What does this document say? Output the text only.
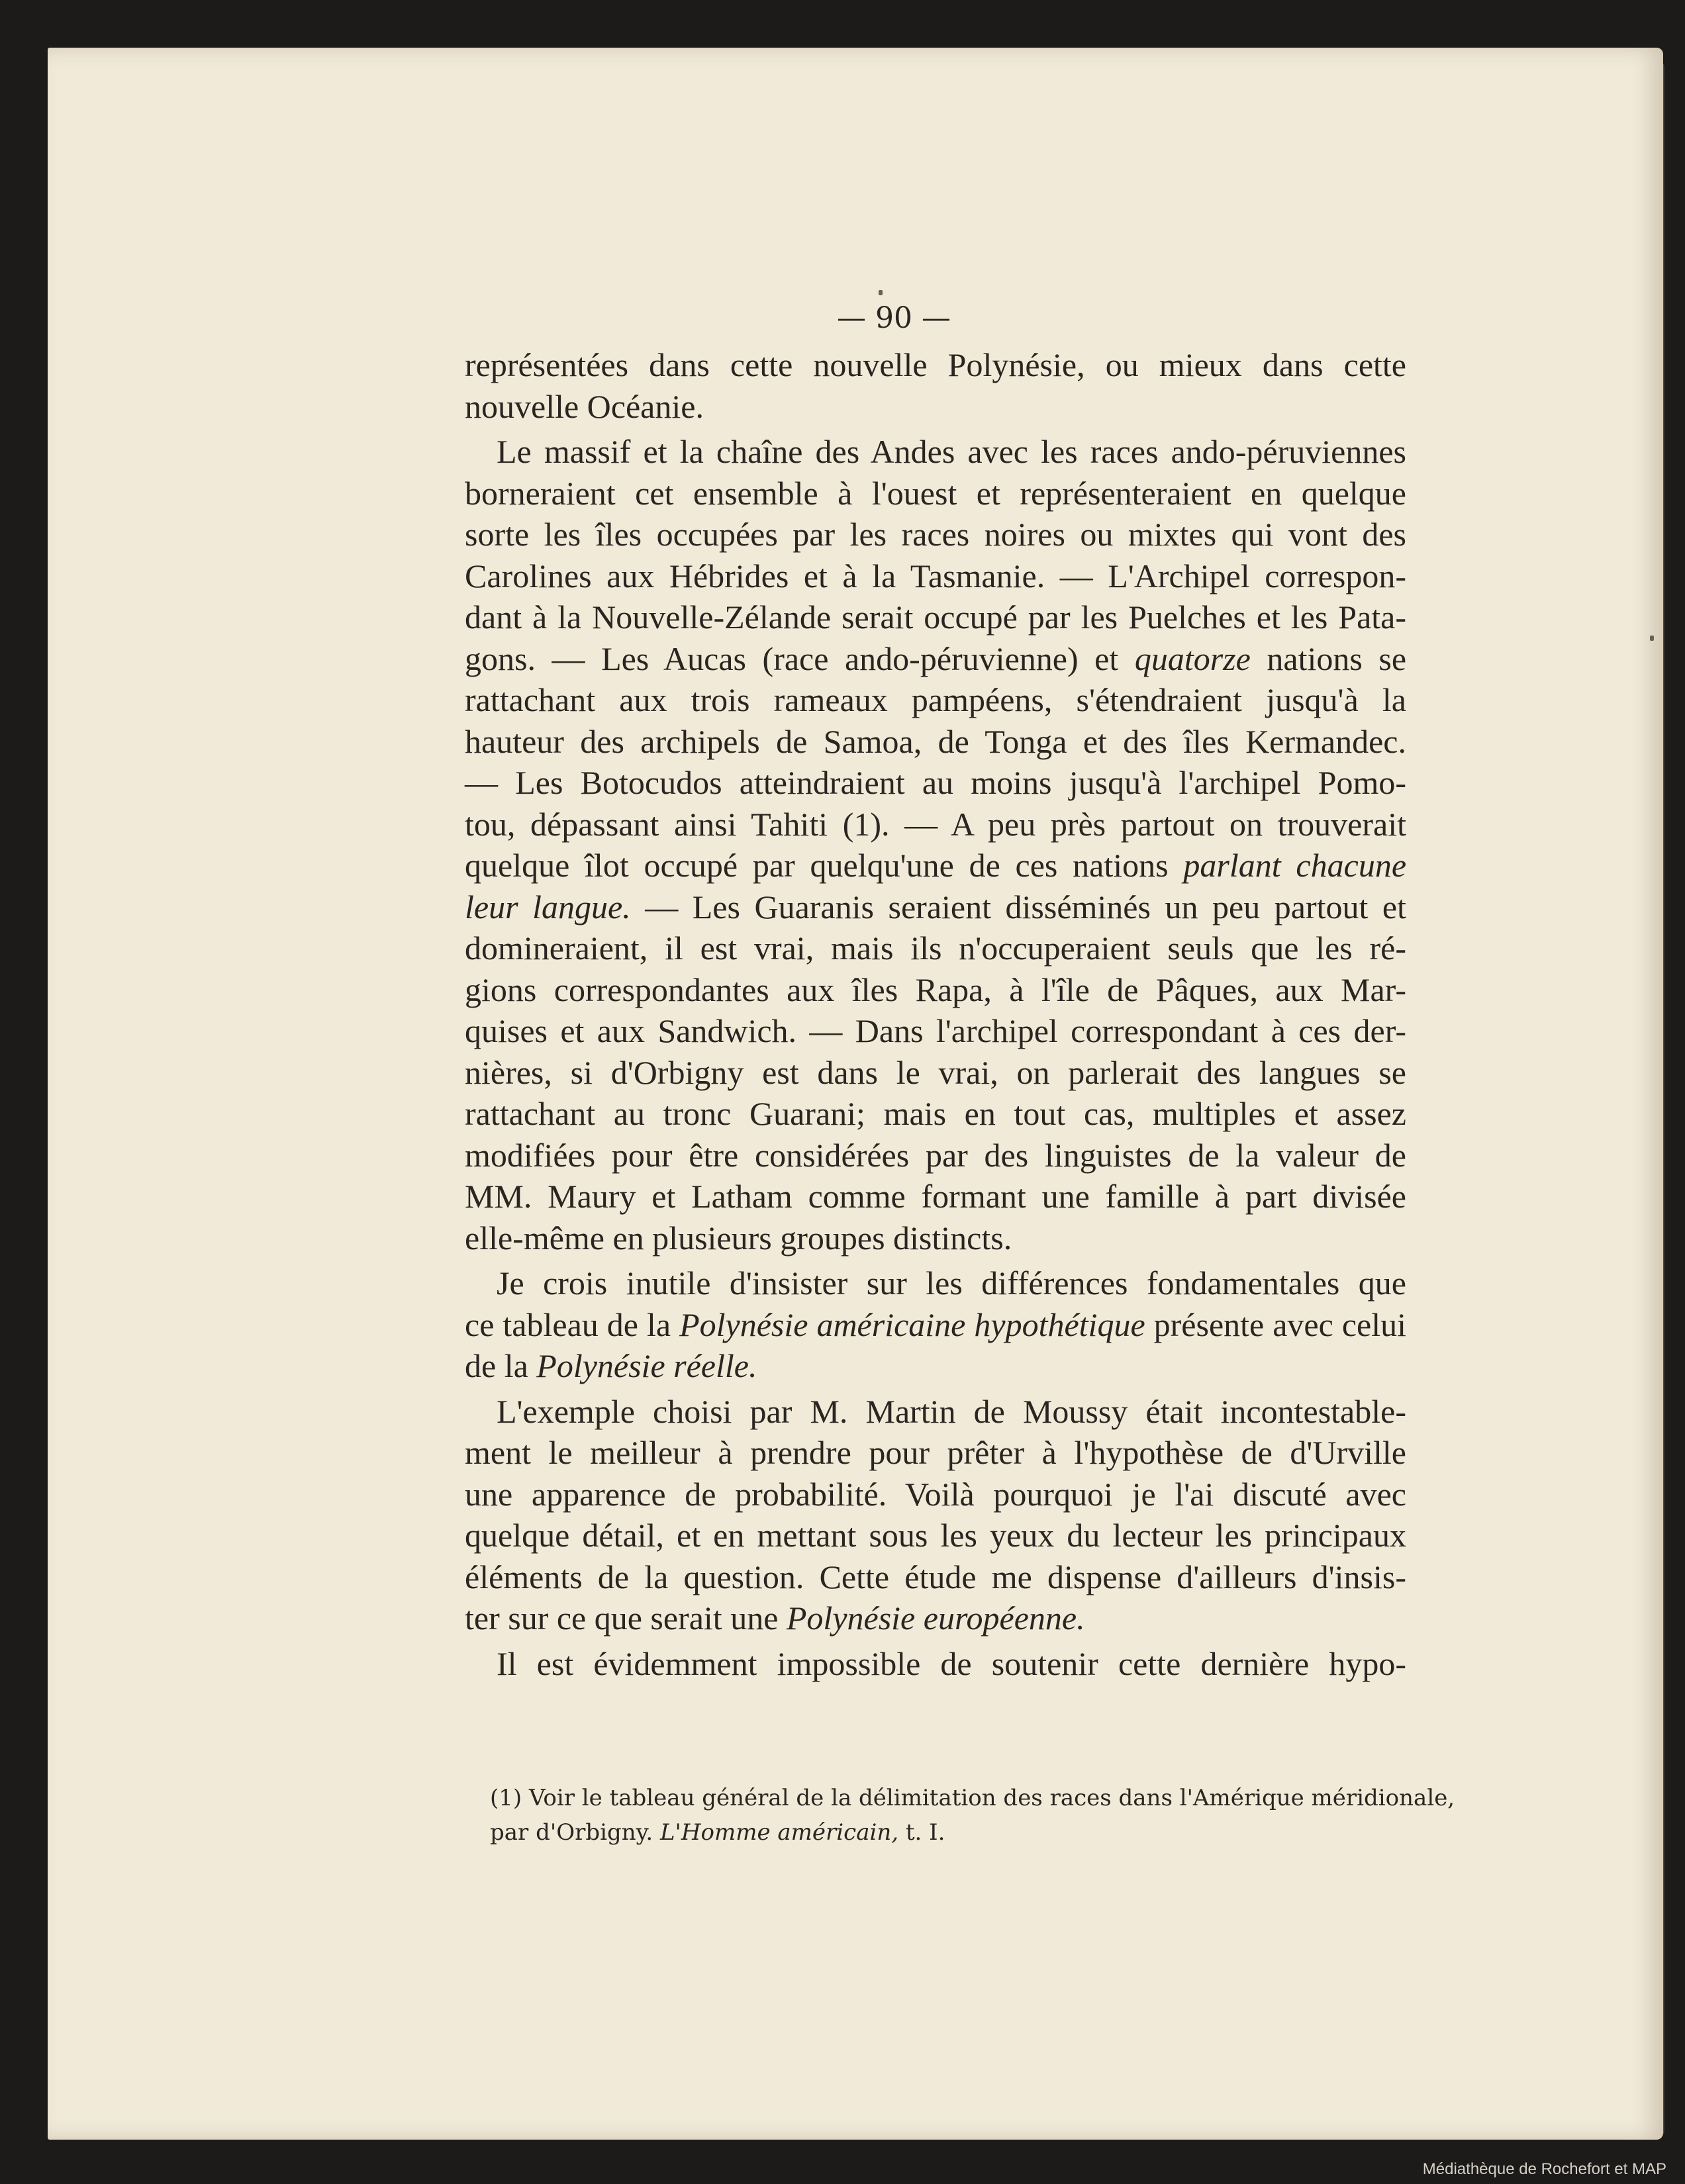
— 90 —

représentées dans cette nouvelle Polynésie, ou mieux dans cette
nouvelle Océanie.

Le massif et la chaîne des Andes avec les races ando-péruviennes
borneraient cet ensemble à l'ouest et représenteraient en quelque
sorte les îles occupées par les races noires ou mixtes qui vont des
Carolines aux Hébrides et à la Tasmanie. — L'Archipel correspon-
dant à la Nouvelle-Zélande serait occupé par les Puelches et les Pata-
gons. — Les Aucas (race ando-péruvienne) et quatorze nations se
rattachant aux trois rameaux pampéens, s'étendraient jusqu'à la
hauteur des archipels de Samoa, de Tonga et des îles Kermandec.
— Les Botocudos atteindraient au moins jusqu'à l'archipel Pomo-
tou, dépassant ainsi Tahiti (1). — A peu près partout on trouverait
quelque îlot occupé par quelqu'une de ces nations parlant chacune
leur langue. — Les Guaranis seraient disséminés un peu partout et
domineraient, il est vrai, mais ils n'occuperaient seuls que les ré-
gions correspondantes aux îles Rapa, à l'île de Pâques, aux Mar-
quises et aux Sandwich. — Dans l'archipel correspondant à ces der-
nières, si d'Orbigny est dans le vrai, on parlerait des langues se
rattachant au tronc Guarani; mais en tout cas, multiples et assez
modifiées pour être considérées par des linguistes de la valeur de
MM. Maury et Latham comme formant une famille à part divisée
elle-même en plusieurs groupes distincts.

Je crois inutile d'insister sur les différences fondamentales que
ce tableau de la Polynésie américaine hypothétique présente avec celui
de la Polynésie réelle.

L'exemple choisi par M. Martin de Moussy était incontestable-
ment le meilleur à prendre pour prêter à l'hypothèse de d'Urville
une apparence de probabilité. Voilà pourquoi je l'ai discuté avec
quelque détail, et en mettant sous les yeux du lecteur les principaux
éléments de la question. Cette étude me dispense d'ailleurs d'insis-
ter sur ce que serait une Polynésie européenne.

Il est évidemment impossible de soutenir cette dernière hypo-

(1) Voir le tableau général de la délimitation des races dans l'Amérique méridionale,
par d'Orbigny. L'Homme américain, t. I.
Médiathèque de Rochefort et MAP
